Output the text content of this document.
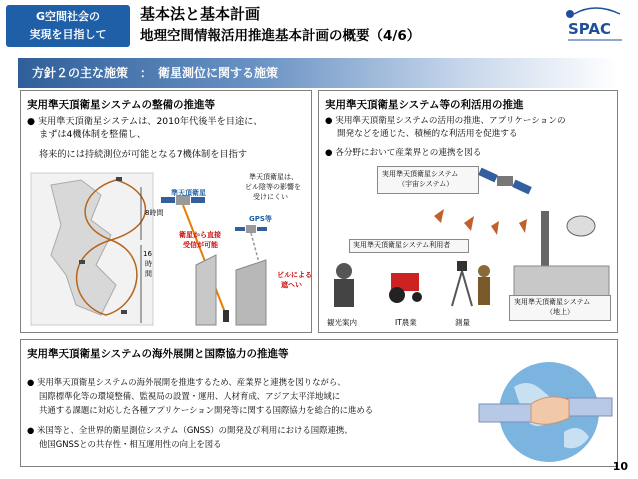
G空間社会の
実現を目指して
基本法と基本計画
地理空間情報活用推進基本計画の概要（4/6）	SPAC
方針２の主な施策　：　衛星測位に関する施策
実用準天頂衛星システムの整備の推進等
● 実用準天頂衛星システムは、2010年代後半を目途に、
まずは4機体制を整備し、
将来的には持続測位が可能となる7機体制を目指す
準天頂衛星は、
ビル陰等の影響を
受けにくい
8時間
16
時
間
準天頂衛星
GPS等
衛星から直接
受信が可能
ビルによる
遮へい
実用準天頂衛星システム等の利活用の推進
● 実用準天頂衛星システムの活用の推進、アプリケーションの
開発などを通じた、積極的な利活用を促進する
● 各分野において産業界との連携を図る
実用準天頂衛星システム
（宇宙システム）
実用準天頂衛星システム利用者
実用準天頂衛星システム
（地上）
観光案内	IT農業	測量
実用準天頂衛星システムの海外展開と国際協力の推進等
● 実用準天頂衛星システムの海外展開を推進するため、産業界と連携を図りながら、
国際標準化等の環境整備、監視局の設置・運用、人材育成、アジア太平洋地域に
共通する課題に対応した各種アプリケーション開発等に関する国際協力を総合的に進める
● 米国等と、全世界的衛星測位システム（GNSS）の開発及び利用における国際連携、
他国GNSSとの共存性・相互運用性の向上を図る
10
